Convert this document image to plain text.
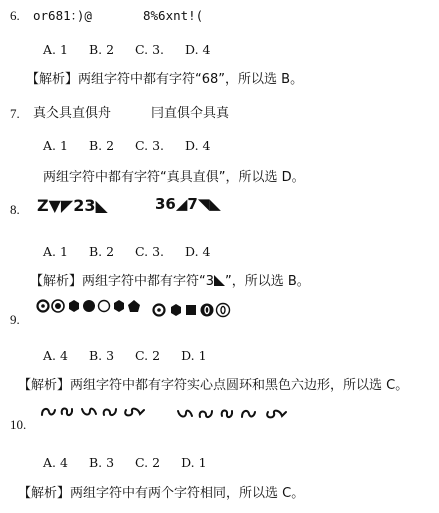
6. or681：)@	8%6xnt!(
A. 1 B. 2 C. 3. D. 4
【解析】两组字符中都有字符“68”，所以选 B。
7. 真仌具直俱舟	冃直俱仐具真
A. 1 B. 2 C. 3. D. 4
两组字符中都有字符“真具直俱”，所以选 D。
8. Z▼◤23◣	36◢7◥◣
A. 1 B. 2 C. 3. D. 4
【解析】两组字符中都有字符“3 ”，所以选 B。
9.
A. 4 B. 3 C. 2 D. 1
【解析】两组字符中都有字符实心点圆环和黑色六边形，所以选 C。
10.
A. 4 B. 3 C. 2 D. 1
【解析】两组字符中有两个字符相同，所以选 C。
